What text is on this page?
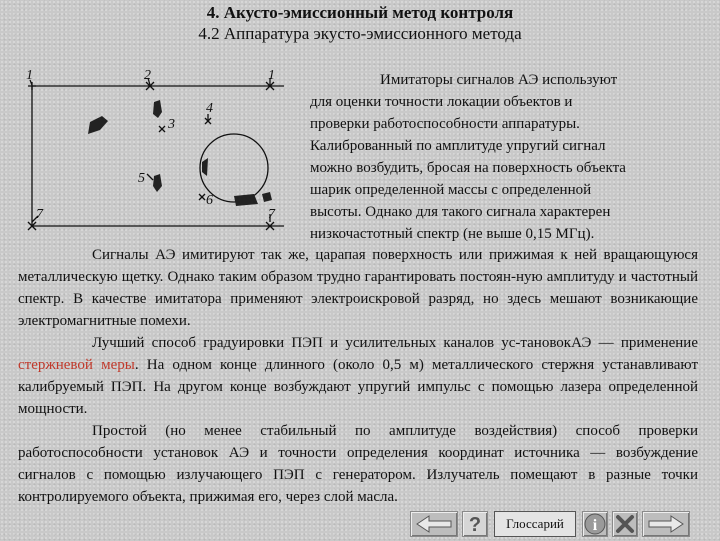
4. Акусто-эмиссионный метод контроля
4.2 Аппаратура экусто-эмиссионного метода
1	2
4
1
3
5
6
7	7

Имитаторы сигналов АЭ используют

для оценки точности локации объектов и

проверки работоспособности аппаратуры.

Калиброванный по амплитуде упругий сигнал

можно возбудить, бросая на поверхность объекта

шарик определенной массы с определенной

высоты. Однако для такого сигнала характерен

низкочастотный спектр (не выше 0,15 МГц).

Сигналы АЭ имитируют так же, царапая поверхность или прижимая к ней вращающуюся металлическую щетку. Однако таким образом трудно гарантировать постоян-ную амплитуду и частотный спектр. В качестве имитатора применяют электроискровой разряд, но здесь мешают возникающие электромагнитные помехи.

Лучший способ градуировки ПЭП и усилительных каналов ус-тановокАЭ — применение стержневой меры. На одном конце длинного (около 0,5 м) металлического стержня устанавливают калибруемый ПЭП. На другом конце возбуждают упругий импульс с помощью лазера определенной мощности.

Простой (но менее стабильный по амплитуде воздействия) способ проверки работоспособности установок АЭ и точности определения координат источника — возбуждение сигналов с помощью излучающего ПЭП с генератором. Излучатель помещают в разные точки контролируемого объекта, прижимая его, через слой масла.

?	Глоссарий	i
